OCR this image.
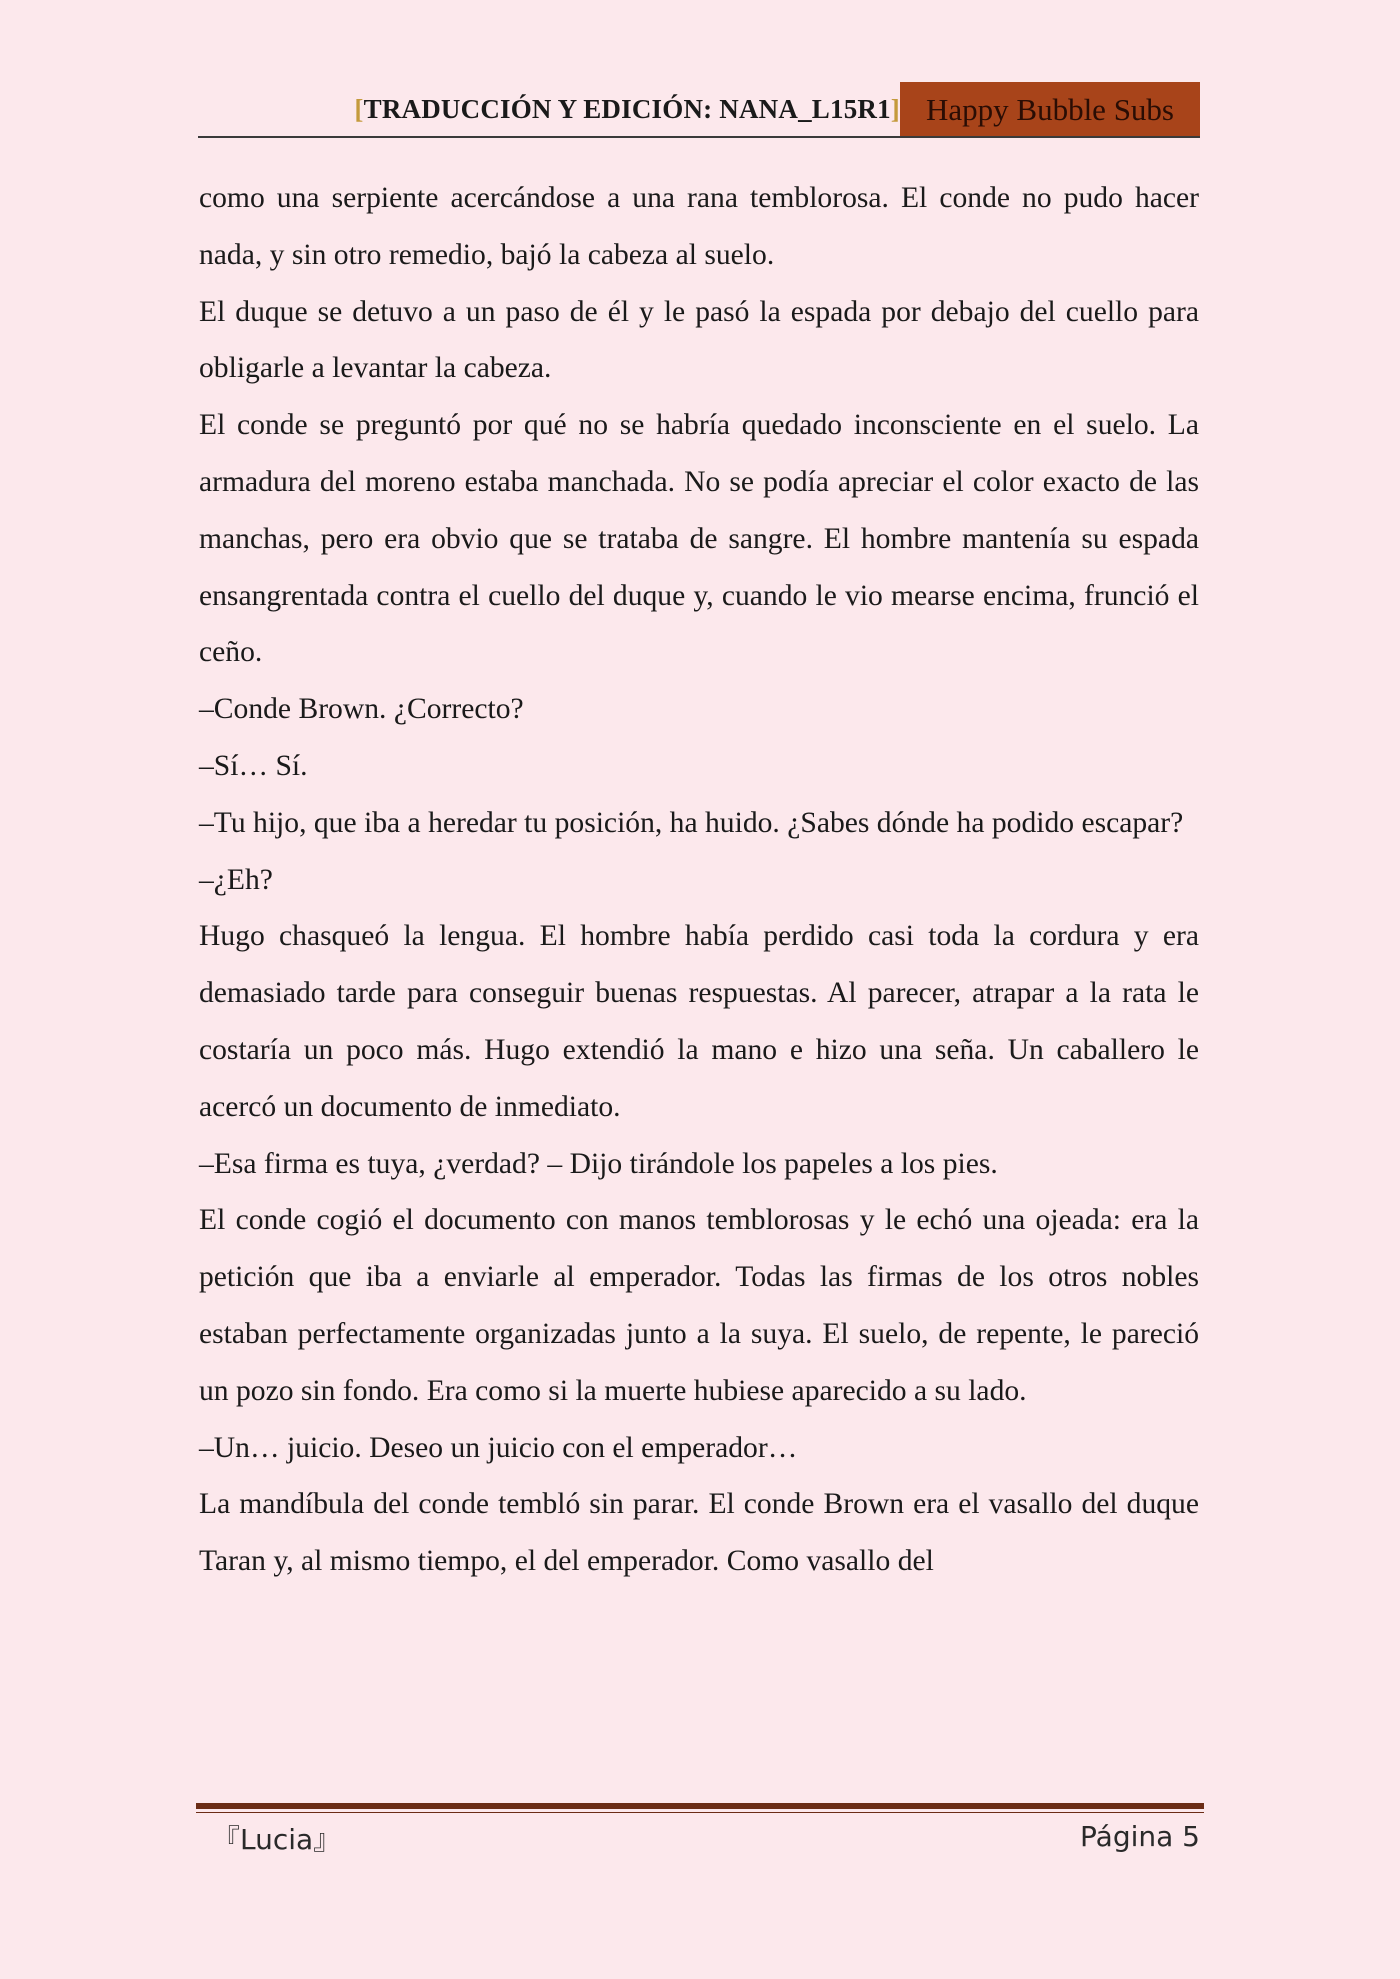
[TRADUCCIÓN Y EDICIÓN: NANA_L15R1] Happy Bubble Subs

como una serpiente acercándose a una rana temblorosa. El conde no pudo hacer nada, y sin otro remedio, bajó la cabeza al suelo.

El duque se detuvo a un paso de él y le pasó la espada por debajo del cuello para obligarle a levantar la cabeza.

El conde se preguntó por qué no se habría quedado inconsciente en el suelo. La armadura del moreno estaba manchada. No se podía apreciar el color exacto de las manchas, pero era obvio que se trataba de sangre. El hombre mantenía su espada ensangrentada contra el cuello del duque y, cuando le vio mearse encima, frunció el ceño.

–Conde Brown. ¿Correcto?

–Sí… Sí.

–Tu hijo, que iba a heredar tu posición, ha huido. ¿Sabes dónde ha podido escapar?

–¿Eh?

Hugo chasqueó la lengua. El hombre había perdido casi toda la cordura y era demasiado tarde para conseguir buenas respuestas. Al parecer, atrapar a la rata le costaría un poco más. Hugo extendió la mano e hizo una seña. Un caballero le acercó un documento de inmediato.

–Esa firma es tuya, ¿verdad? – Dijo tirándole los papeles a los pies.

El conde cogió el documento con manos temblorosas y le echó una ojeada: era la petición que iba a enviarle al emperador. Todas las firmas de los otros nobles estaban perfectamente organizadas junto a la suya. El suelo, de repente, le pareció un pozo sin fondo. Era como si la muerte hubiese aparecido a su lado.

–Un… juicio. Deseo un juicio con el emperador…

La mandíbula del conde tembló sin parar. El conde Brown era el vasallo del duque Taran y, al mismo tiempo, el del emperador. Como vasallo del

『Lucia』	Página 5
